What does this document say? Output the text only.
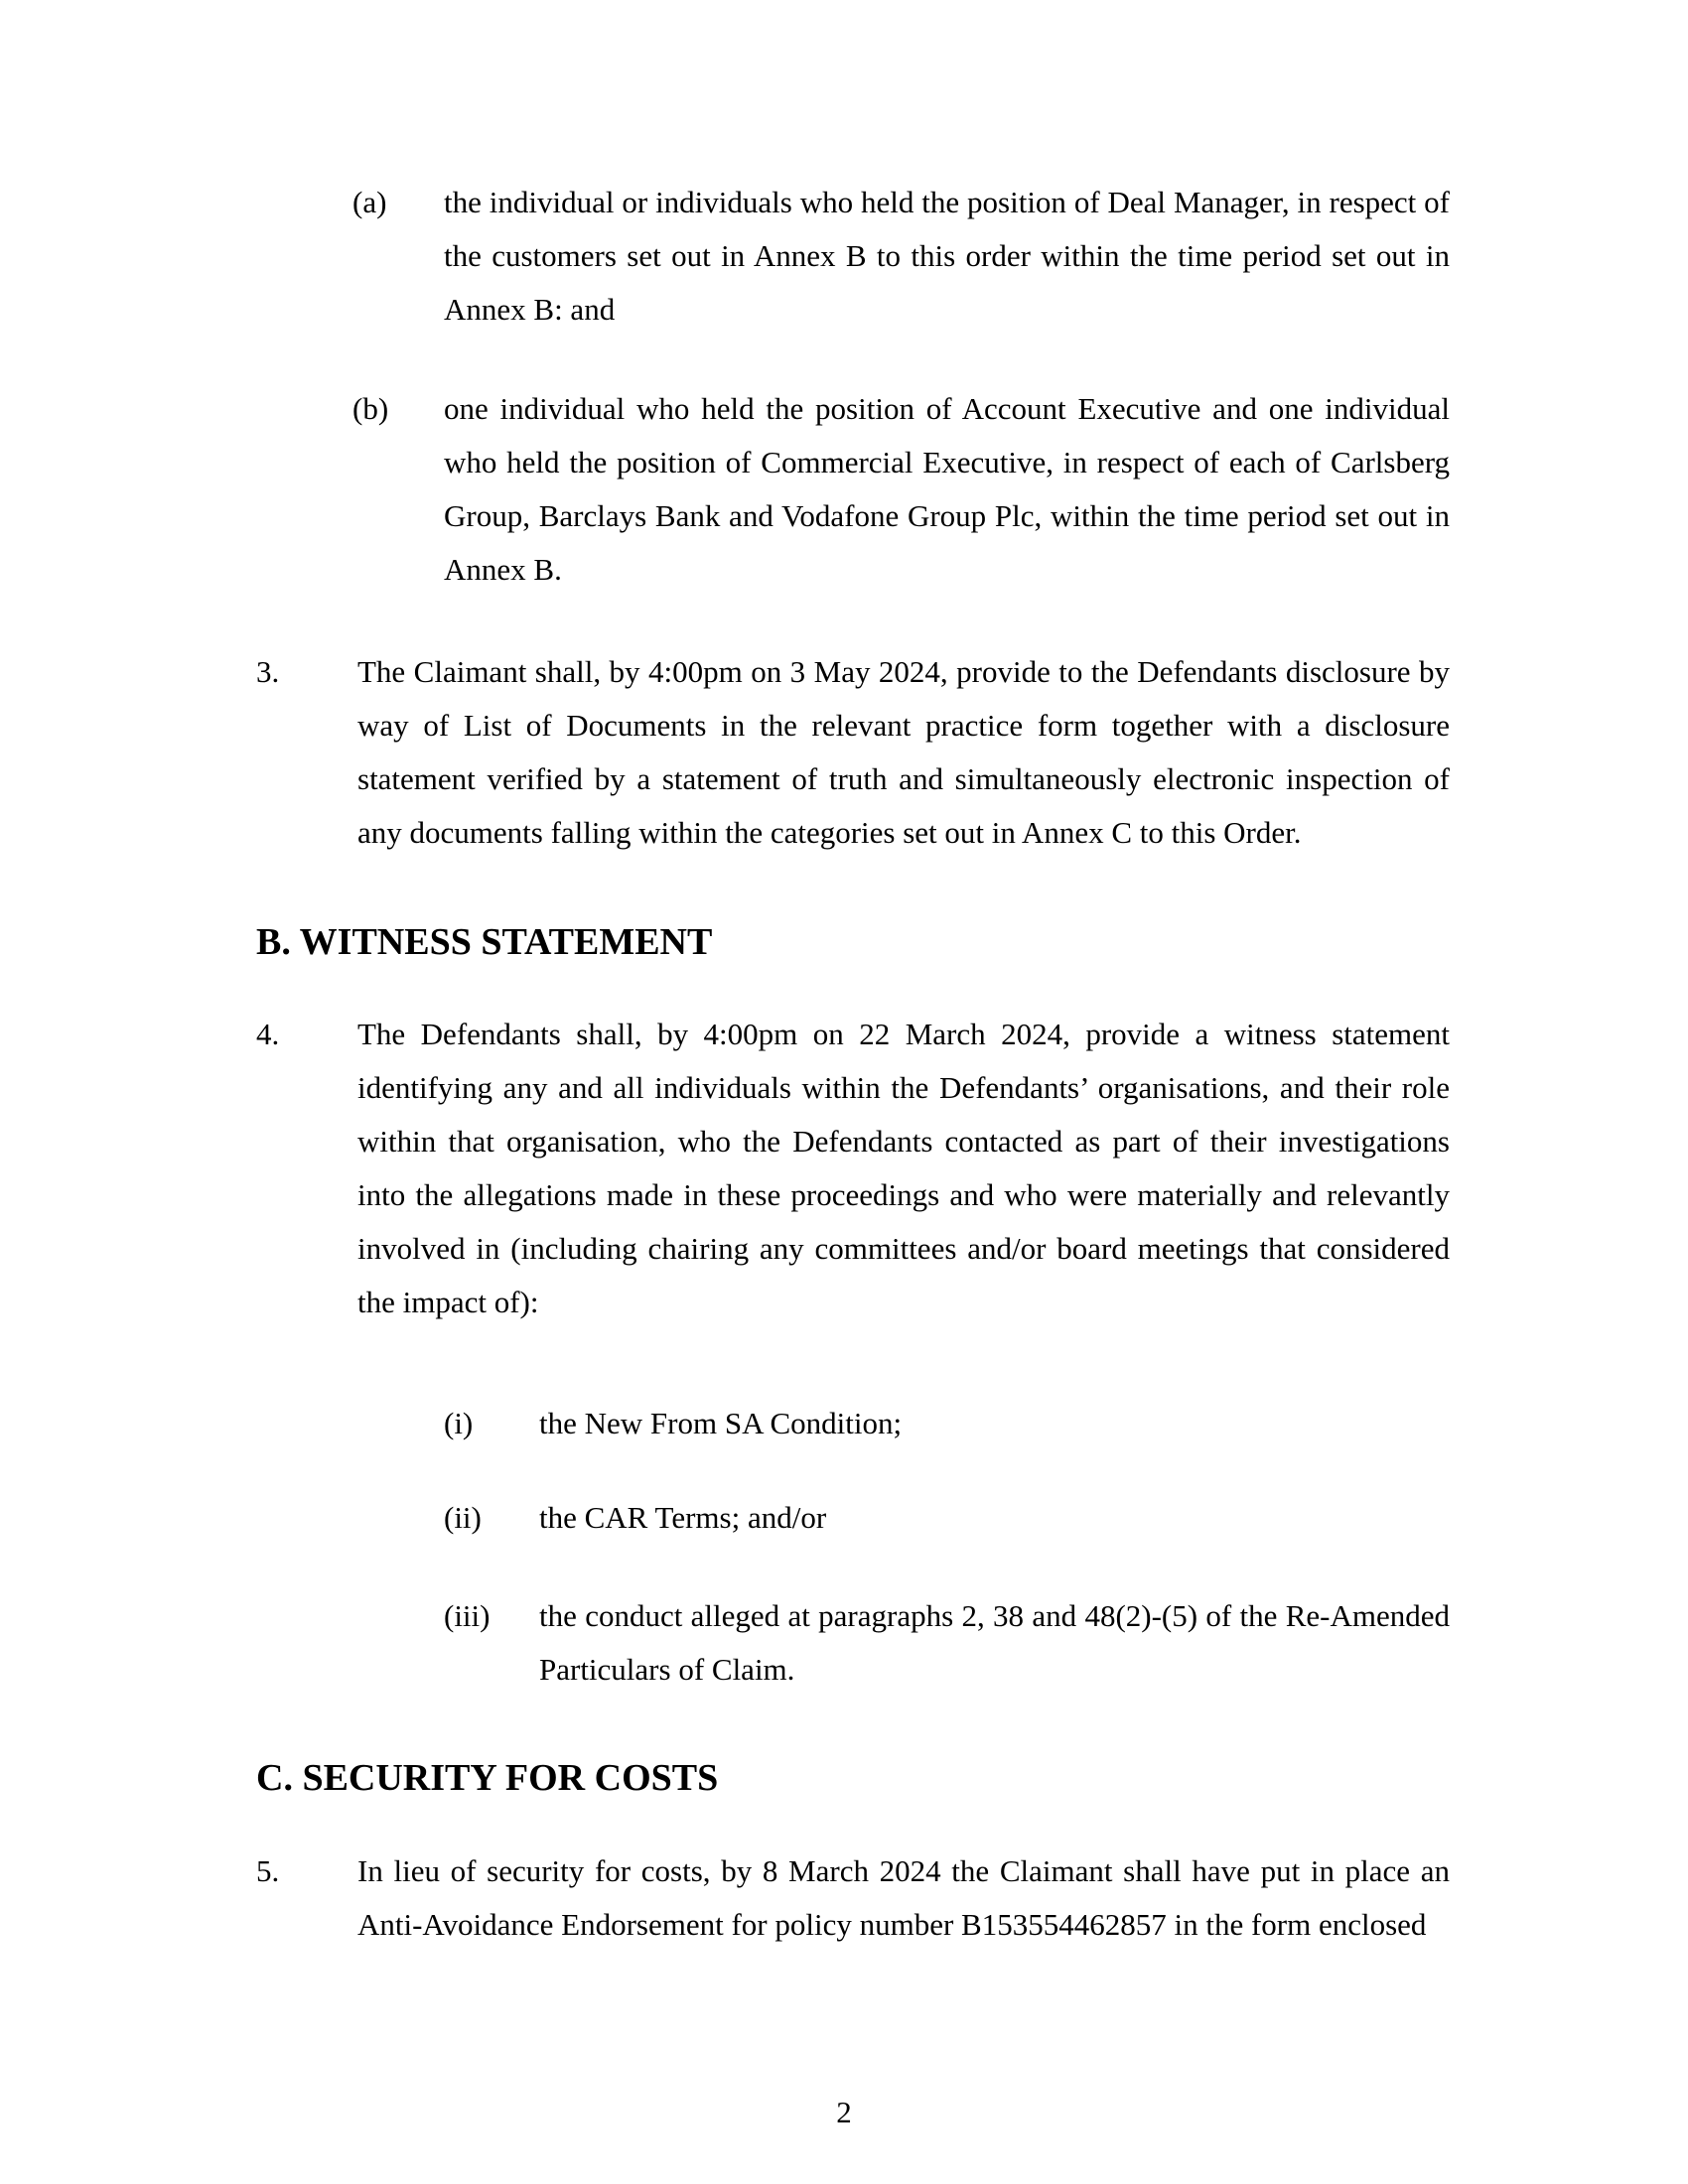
(a) the individual or individuals who held the position of Deal Manager, in respect of the customers set out in Annex B to this order within the time period set out in Annex B: and
(b) one individual who held the position of Account Executive and one individual who held the position of Commercial Executive, in respect of each of Carlsberg Group, Barclays Bank and Vodafone Group Plc, within the time period set out in Annex B.
3.	The Claimant shall, by 4:00pm on 3 May 2024, provide to the Defendants disclosure by way of List of Documents in the relevant practice form together with a disclosure statement verified by a statement of truth and simultaneously electronic inspection of any documents falling within the categories set out in Annex C to this Order.
B. WITNESS STATEMENT
4.	The Defendants shall, by 4:00pm on 22 March 2024, provide a witness statement identifying any and all individuals within the Defendants’ organisations, and their role within that organisation, who the Defendants contacted as part of their investigations into the allegations made in these proceedings and who were materially and relevantly involved in (including chairing any committees and/or board meetings that considered the impact of):
(i) the New From SA Condition;
(ii) the CAR Terms; and/or
(iii) the conduct alleged at paragraphs 2, 38 and 48(2)-(5) of the Re-Amended Particulars of Claim.
C. SECURITY FOR COSTS
5.	In lieu of security for costs, by 8 March 2024 the Claimant shall have put in place an Anti-Avoidance Endorsement for policy number B153554462857 in the form enclosed
2
